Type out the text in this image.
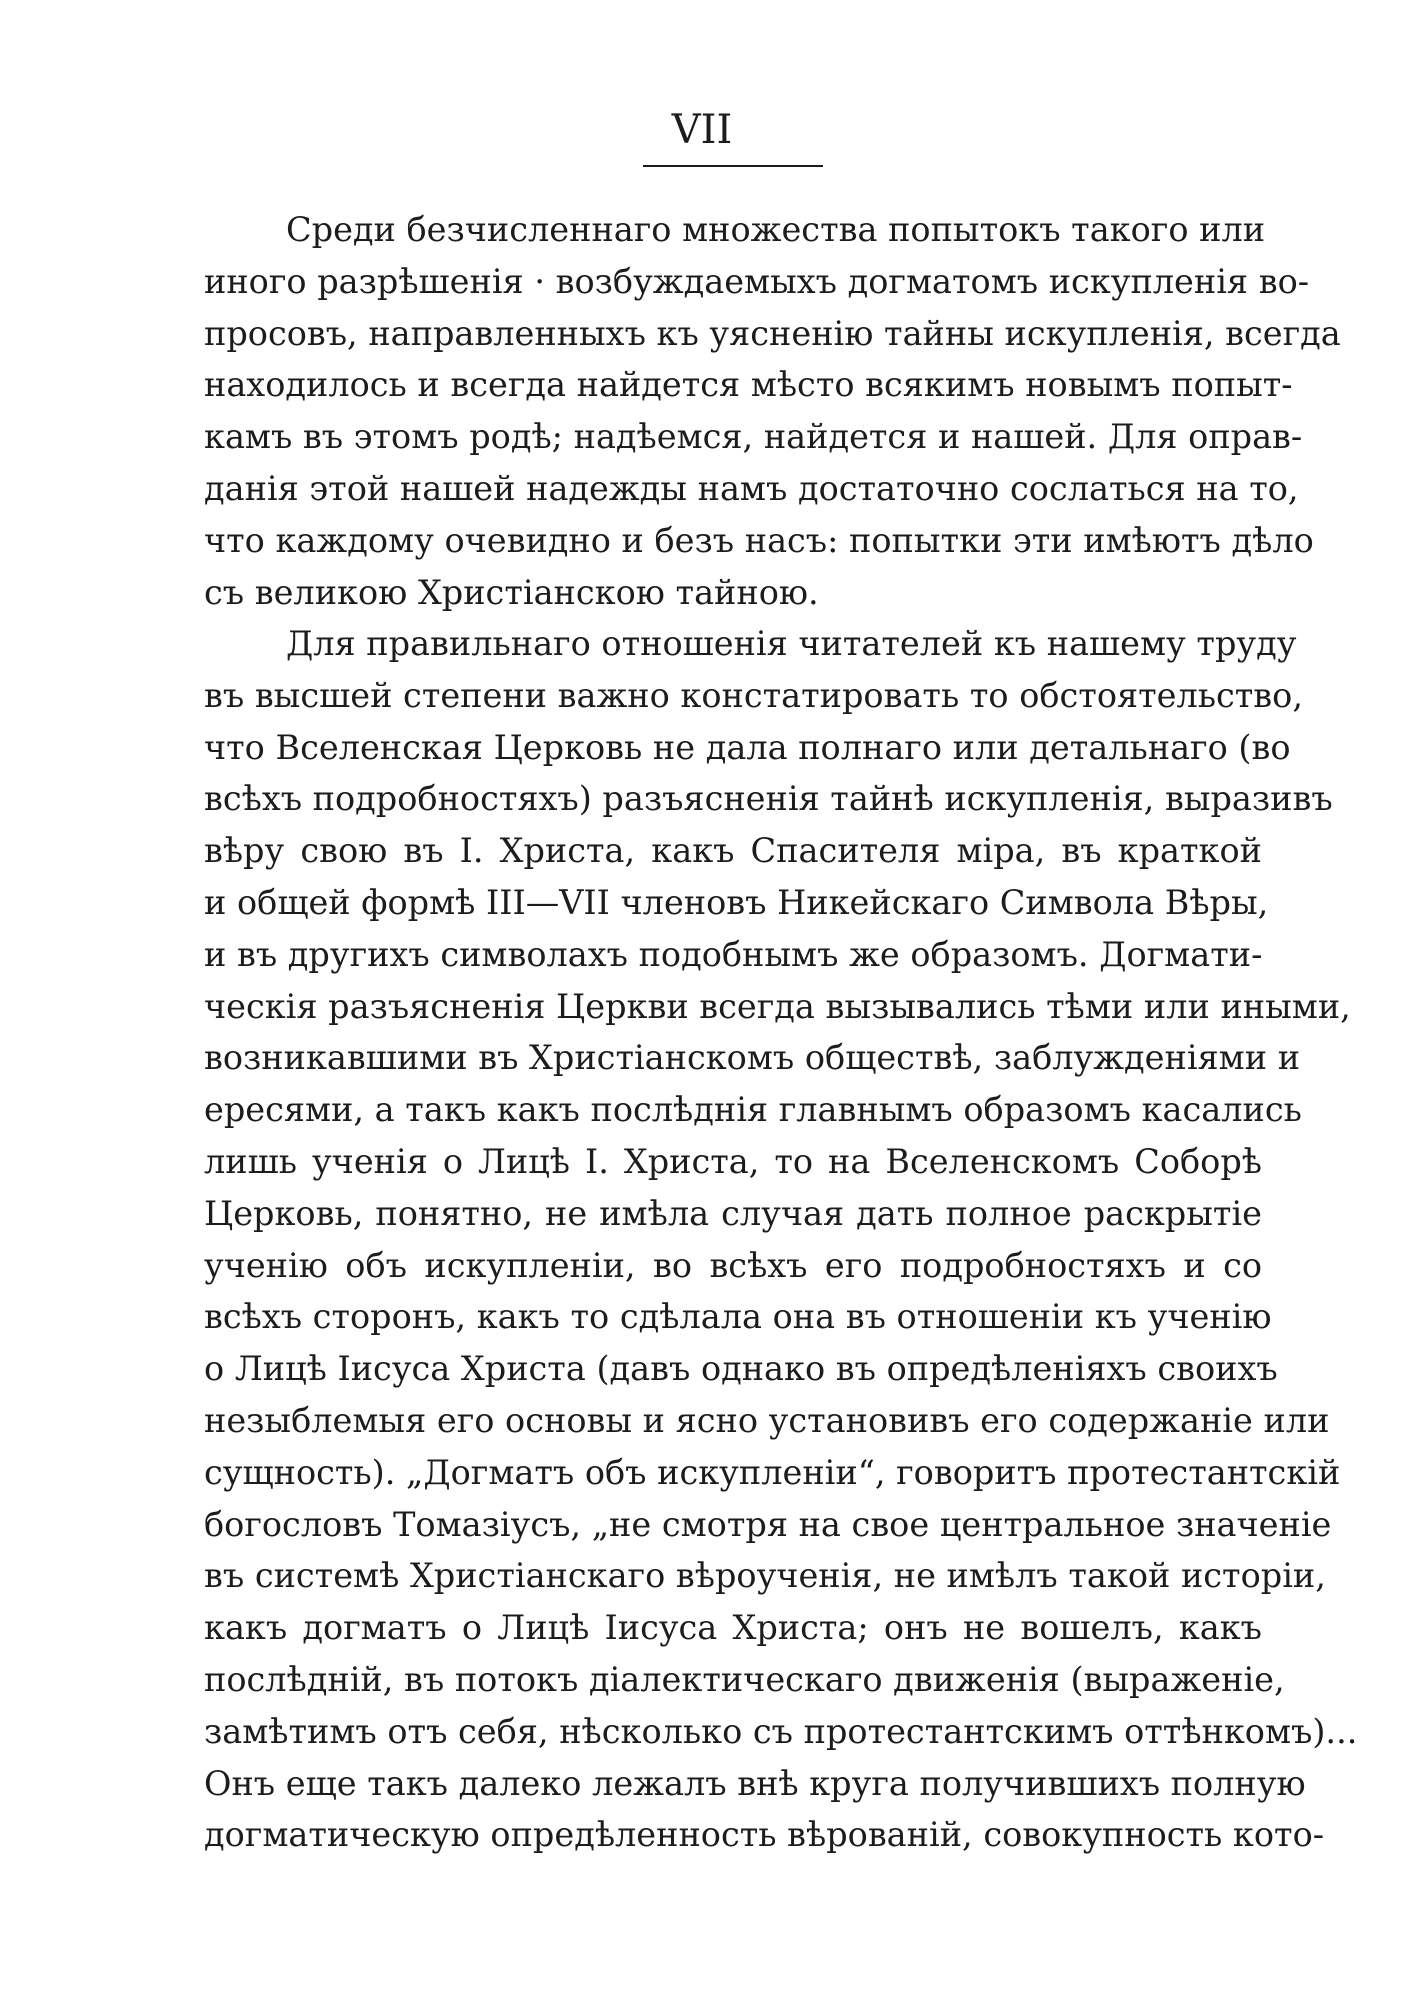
VII
Среди безчисленнаго множества попытокъ такого или
иного разрѣшенія · возбуждаемыхъ догматомъ искупленія во-
просовъ, направленныхъ къ уясненію тайны искупленія, всегда
находилось и всегда найдется мѣсто всякимъ новымъ попыт-
камъ въ этомъ родѣ; надѣемся, найдется и нашей. Для оправ-
данія этой нашей надежды намъ достаточно сослаться на то,
что каждому очевидно и безъ насъ: попытки эти имѣютъ дѣло
съ великою Христіанскою тайною.
Для правильнаго отношенія читателей къ нашему труду
въ высшей степени важно констатировать то обстоятельство,
что Вселенская Церковь не дала полнаго или детальнаго (во
всѣхъ подробностяхъ) разъясненія тайнѣ искупленія, выразивъ
вѣру свою въ I. Христа, какъ Спасителя міра, въ краткой
и общей формѣ III—VII членовъ Никейскаго Символа Вѣры,
и въ другихъ символахъ подобнымъ же образомъ. Догмати-
ческія разъясненія Церкви всегда вызывались тѣми или иными,
возникавшими въ Христіанскомъ обществѣ, заблужденіями и
ересями, а такъ какъ послѣднія главнымъ образомъ касались
лишь ученія о Лицѣ I. Христа, то на Вселенскомъ Соборѣ
Церковь, понятно, не имѣла случая дать полное раскрытіе
ученію объ искупленіи, во всѣхъ его подробностяхъ и со
всѣхъ сторонъ, какъ то сдѣлала она въ отношеніи къ ученію
о Лицѣ Іисуса Христа (давъ однако въ опредѣленіяхъ своихъ
незыблемыя его основы и ясно установивъ его содержаніе или
сущность). „Догматъ объ искупленіи“, говоритъ протестантскій
богословъ Томазіусъ, „не смотря на свое центральное значеніе
въ системѣ Христіанскаго вѣроученія, не имѣлъ такой исторіи,
какъ догматъ о Лицѣ Іисуса Христа; онъ не вошелъ, какъ
послѣдній, въ потокъ діалектическаго движенія (выраженіе,
замѣтимъ отъ себя, нѣсколько съ протестантскимъ оттѣнкомъ)...
Онъ еще такъ далеко лежалъ внѣ круга получившихъ полную
догматическую опредѣленность вѣрованій, совокупность кото-
